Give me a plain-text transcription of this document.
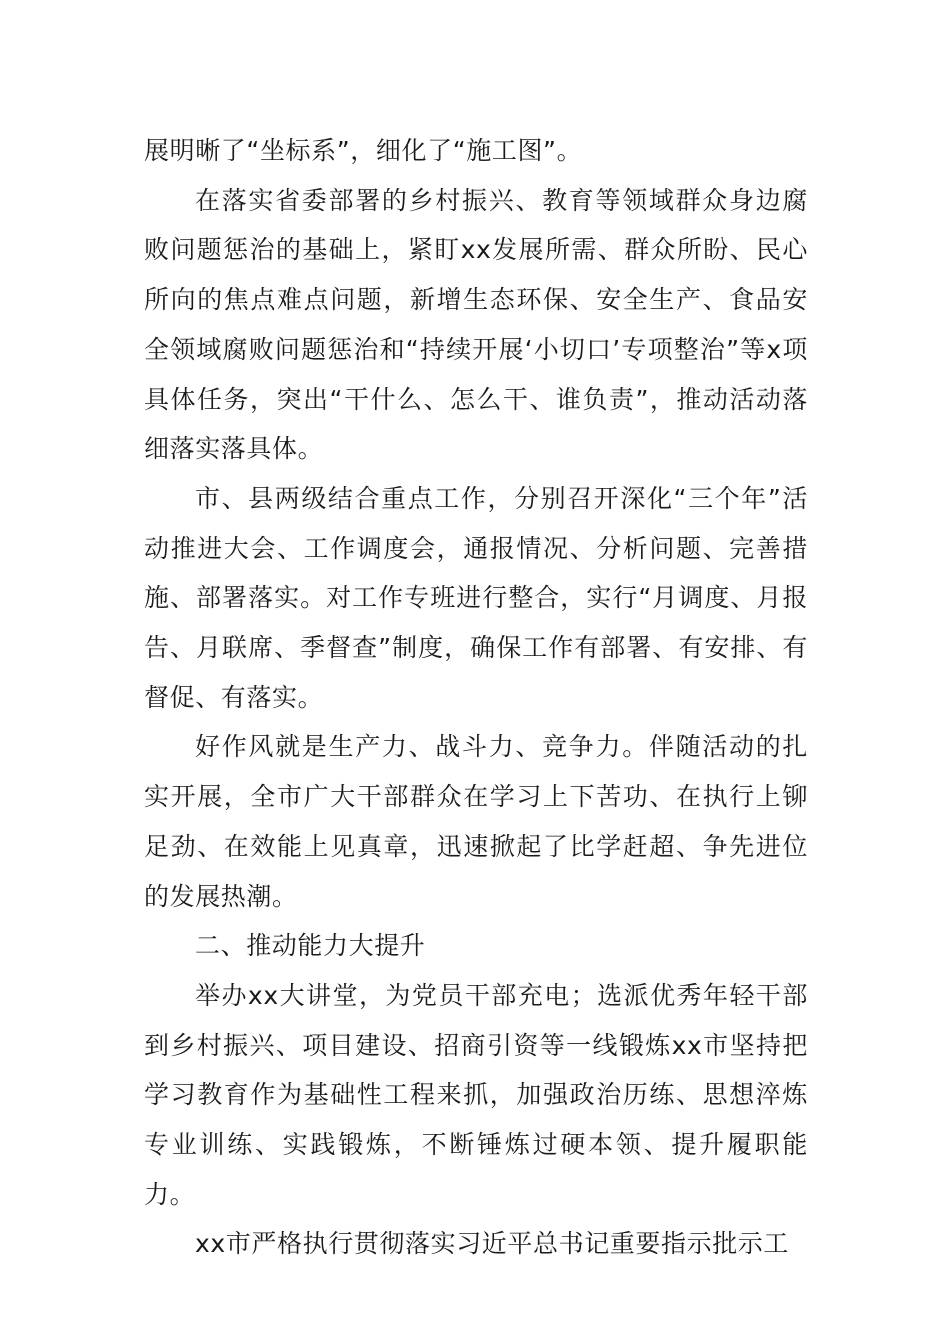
展明晰了“坐标系”，细化了“施工图”。

在落实省委部署的乡村振兴、教育等领域群众身边腐败问题惩治的基础上，紧盯xx发展所需、群众所盼、民心所向的焦点难点问题，新增生态环保、安全生产、食品安全领域腐败问题惩治和“持续开展‘小切口’专项整治”等x项具体任务，突出“干什么、怎么干、谁负责”，推动活动落细落实落具体。

市、县两级结合重点工作，分别召开深化“三个年”活动推进大会、工作调度会，通报情况、分析问题、完善措施、部署落实。对工作专班进行整合，实行“月调度、月报告、月联席、季督查”制度，确保工作有部署、有安排、有督促、有落实。

好作风就是生产力、战斗力、竞争力。伴随活动的扎实开展，全市广大干部群众在学习上下苦功、在执行上铆足劲、在效能上见真章，迅速掀起了比学赶超、争先进位的发展热潮。

二、推动能力大提升

举办xx大讲堂，为党员干部充电；选派优秀年轻干部到乡村振兴、项目建设、招商引资等一线锻炼xx市坚持把学习教育作为基础性工程来抓，加强政治历练、思想淬炼专业训练、实践锻炼，不断锤炼过硬本领、提升履职能力。

xx市严格执行贯彻落实习近平总书记重要指示批示工
